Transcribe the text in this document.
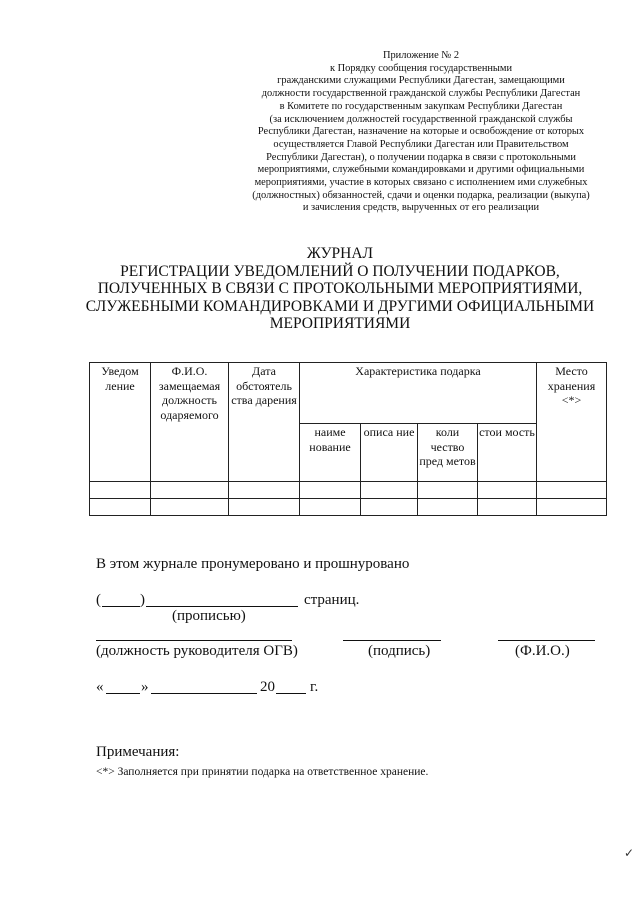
Приложение № 2
к Порядку сообщения государственными
гражданскими служащими Республики Дагестан, замещающими
должности государственной гражданской службы Республики Дагестан
в Комитете по государственным закупкам Республики Дагестан
(за исключением должностей государственной гражданской службы
Республики Дагестан, назначение на которые и освобождение от которых
осуществляется Главой Республики Дагестан или Правительством
Республики Дагестан), о получении подарка в связи с протокольными
мероприятиями, служебными командировками и другими официальными
мероприятиями, участие в которых связано с исполнением ими служебных
(должностных) обязанностей, сдачи и оценки подарка, реализации (выкупа)
и зачисления средств, вырученных от его реализации
ЖУРНАЛ
РЕГИСТРАЦИИ УВЕДОМЛЕНИЙ О ПОЛУЧЕНИИ ПОДАРКОВ,
ПОЛУЧЕННЫХ В СВЯЗИ С ПРОТОКОЛЬНЫМИ МЕРОПРИЯТИЯМИ,
СЛУЖЕБНЫМИ КОМАНДИРОВКАМИ И ДРУГИМИ ОФИЦИАЛЬНЫМИ
МЕРОПРИЯТИЯМИ
Уведом ление	Ф.И.О. замещаемая должность одаряемого	Дата обстоятель ства дарения	Характеристика подарка				Место хранения <*>
			наиме нование	описа ние	коли чество пред метов	стои мость	

В этом журнале пронумеровано и прошнуровано
(	)	страниц.
(прописью)
(должность руководителя ОГВ)	(подпись)	(Ф.И.О.)
«	»	20 г.
Примечания:
<*> Заполняется при принятии подарка на ответственное хранение.
✓
